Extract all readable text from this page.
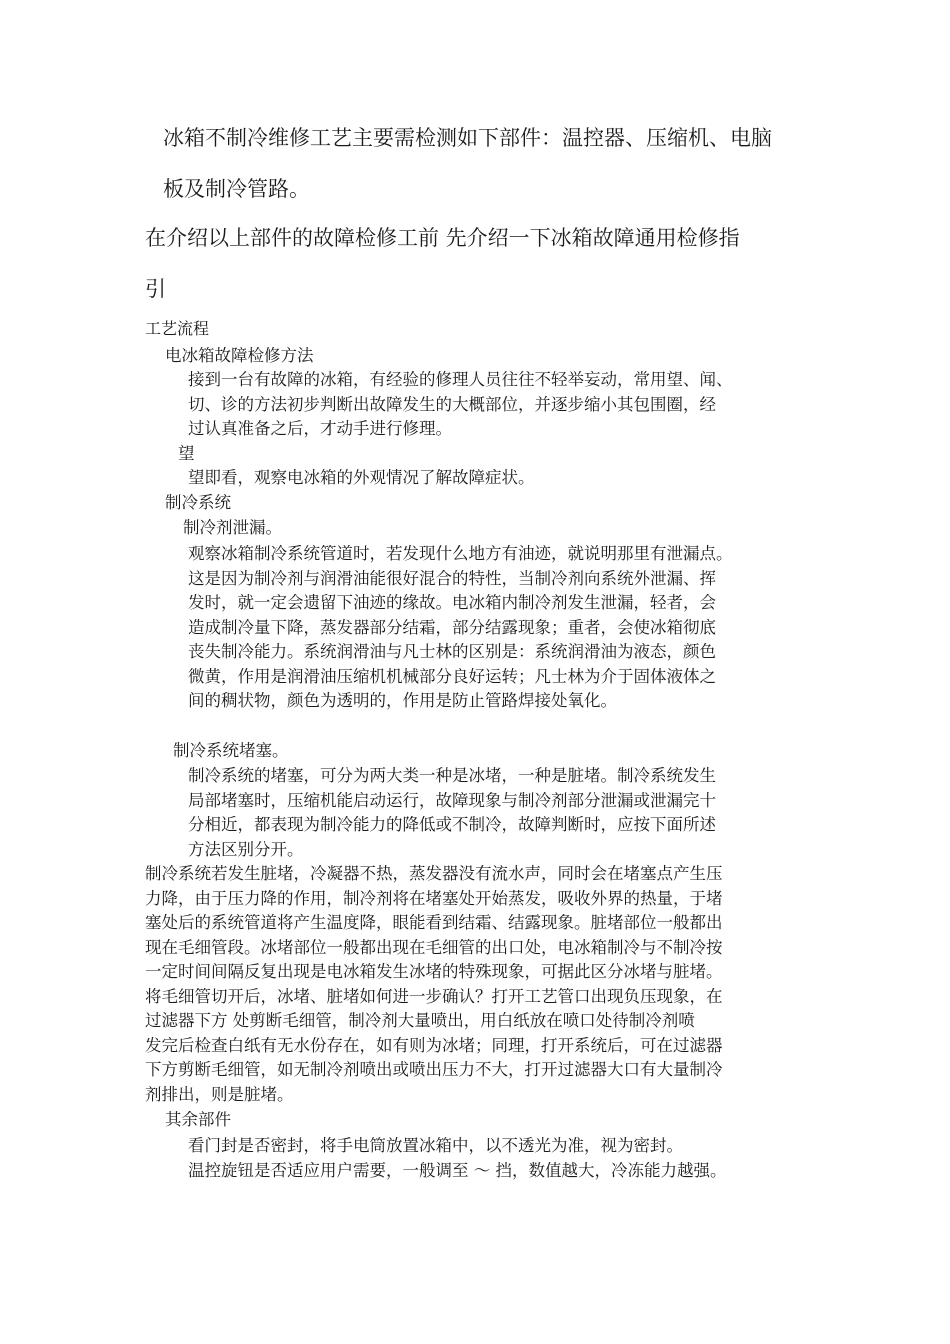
冰箱不制冷维修工艺主要需检测如下部件：温控器、压缩机、电脑
板及制冷管路。
在介绍以上部件的故障检修工前 先介绍一下冰箱故障通用检修指
引
工艺流程
电冰箱故障检修方法
接到一台有故障的冰箱，有经验的修理人员往往不轻举妄动，常用望、闻、
切、诊的方法初步判断出故障发生的大概部位，并逐步缩小其包围圈，经
过认真准备之后，才动手进行修理。
望
望即看，观察电冰箱的外观情况了解故障症状。
制冷系统
制冷剂泄漏。
观察冰箱制冷系统管道时，若发现什么地方有油迹，就说明那里有泄漏点。
这是因为制冷剂与润滑油能很好混合的特性，当制冷剂向系统外泄漏、挥
发时，就一定会遗留下油迹的缘故。电冰箱内制冷剂发生泄漏，轻者，会
造成制冷量下降，蒸发器部分结霜，部分结露现象；重者，会使冰箱彻底
丧失制冷能力。系统润滑油与凡士林的区别是：系统润滑油为液态，颜色
微黄，作用是润滑油压缩机机械部分良好运转；凡士林为介于固体液体之
间的稠状物，颜色为透明的，作用是防止管路焊接处氧化。
制冷系统堵塞。
制冷系统的堵塞，可分为两大类一种是冰堵，一种是脏堵。制冷系统发生
局部堵塞时，压缩机能启动运行，故障现象与制冷剂部分泄漏或泄漏完十
分相近，都表现为制冷能力的降低或不制冷，故障判断时，应按下面所述
方法区别分开。
制冷系统若发生脏堵，冷凝器不热，蒸发器没有流水声，同时会在堵塞点产生压
力降，由于压力降的作用，制冷剂将在堵塞处开始蒸发，吸收外界的热量，于堵
塞处后的系统管道将产生温度降，眼能看到结霜、结露现象。脏堵部位一般都出
现在毛细管段。冰堵部位一般都出现在毛细管的出口处，电冰箱制冷与不制冷按
一定时间间隔反复出现是电冰箱发生冰堵的特殊现象，可据此区分冰堵与脏堵。
将毛细管切开后，冰堵、脏堵如何进一步确认？打开工艺管口出现负压现象，在
过滤器下方 处剪断毛细管，制冷剂大量喷出，用白纸放在喷口处待制冷剂喷
发完后检查白纸有无水份存在，如有则为冰堵；同理，打开系统后，可在过滤器
下方剪断毛细管，如无制冷剂喷出或喷出压力不大，打开过滤器大口有大量制冷
剂排出，则是脏堵。
其余部件
看门封是否密封，将手电筒放置冰箱中，以不透光为准，视为密封。
温控旋钮是否适应用户需要，一般调至 ～ 挡，数值越大，冷冻能力越强。
